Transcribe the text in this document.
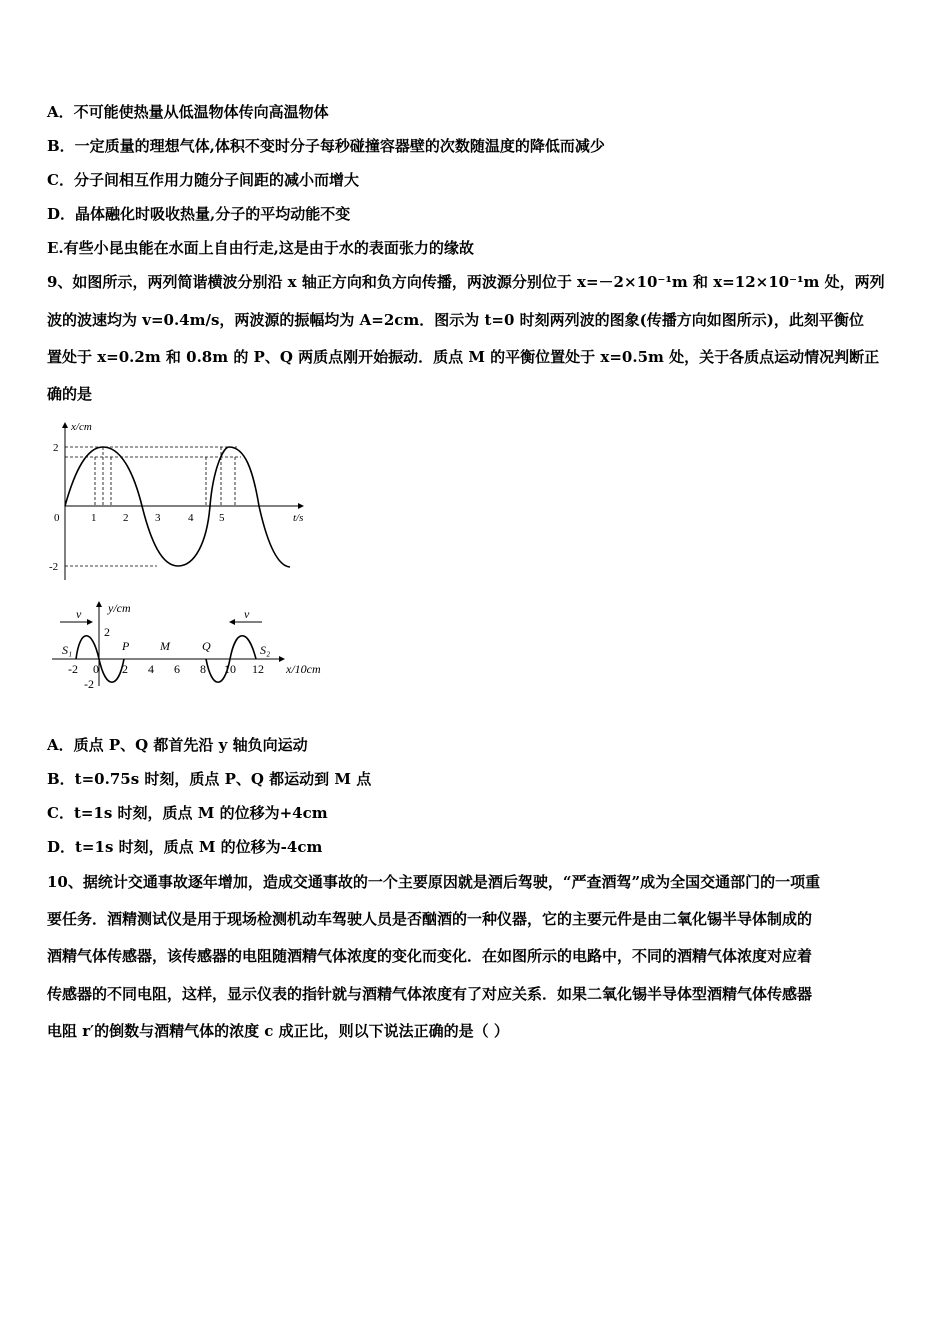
A．不可能使热量从低温物体传向高温物体
B．一定质量的理想气体,体积不变时分子每秒碰撞容器壁的次数随温度的降低而减少
C．分子间相互作用力随分子间距的减小而增大
D．晶体融化时吸收热量,分子的平均动能不变
E.有些小昆虫能在水面上自由行走,这是由于水的表面张力的缘故
9、如图所示，两列简谐横波分别沿 x 轴正方向和负方向传播，两波源分别位于 x=－2×10⁻¹m 和 x=12×10⁻¹m 处，两列
波的波速均为 v=0.4m/s，两波源的振幅均为 A=2cm．图示为 t=0 时刻两列波的图象(传播方向如图所示)，此刻平衡位
置处于 x=0.2m 和 0.8m 的 P、Q 两质点刚开始振动．质点 M 的平衡位置处于 x=0.5m 处，关于各质点运动情况判断正
确的是
x/cm
t/s
0
2
-2
1 2 3	4 5
v	v
y/cm
x/10cm
2
-2
S₁	P	M	Q	S₂
-2 0 2 4 6 8 10 12
A．质点 P、Q 都首先沿 y 轴负向运动
B．t=0.75s 时刻，质点 P、Q 都运动到 M 点
C．t=1s 时刻，质点 M 的位移为+4cm
D．t=1s 时刻，质点 M 的位移为-4cm
10、据统计交通事故逐年增加，造成交通事故的一个主要原因就是酒后驾驶，“严查酒驾”成为全国交通部门的一项重
要任务．酒精测试仪是用于现场检测机动车驾驶人员是否酗酒的一种仪器，它的主要元件是由二氧化锡半导体制成的
酒精气体传感器，该传感器的电阻随酒精气体浓度的变化而变化．在如图所示的电路中，不同的酒精气体浓度对应着
传感器的不同电阻，这样，显示仪表的指针就与酒精气体浓度有了对应关系．如果二氧化锡半导体型酒精气体传感器
电阻 r′的倒数与酒精气体的浓度 c 成正比，则以下说法正确的是（ ）
